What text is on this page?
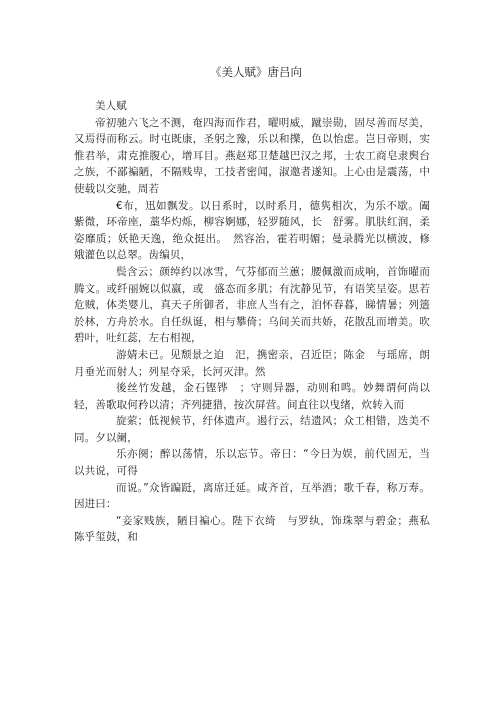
《美人赋》唐吕向

美人赋

帝初驰六飞之不测，奄四海而作君，曜明威，蹴崇勋，固尽善而尽美，又焉得而称云。时屯既康，圣躬之豫，乐以和擽，色以怡虑。岂日帝则，实惟君举，肃克推腹心，增耳目。燕赵郑卫楚越巴汉之邦，士农工商皂隶舆台之族，不鄙褊陋，不隔贱卑，工技者密闻，淑邀者遂知。上心由是震荡，中使载以交驰，周若

€布，迅如飘发。以日系时，以时系月，德隽相次，为乐不歇。阖紫微，环帝座，藁华灼烁，柳容婀娜，轻罗随风，长　舒雾。肌肤红润，柔姿靡质；妖艳天逸，绝众挺出。　然容治，霍若明媚；曼录腾光以横波，修娥灌色以总翠。齿编贝，

鬓含云；颜绰约以冰雪，气芬郁而兰蕙；腰佩激而成响，首饰曜而腾文。或纤丽婉以似嬴，或　盛态而多肌；有沈静见节，有语笑呈姿。思若危贼，体类婴儿，真天子所御者，非庶人当有之，洎怀春暮，睇情暑；列簉於林，方舟於水。自任纵诞，相与攀倚；乌间关而共娇，花散乱而增美。吹碧叶，吐红蕊，左右相视，

游婧未已。见颓景之迫　汜，携密亲，召近臣；陈金　与瑶席，朗月垂光而射人；列星夺采，长河灭津。然

後丝竹发越，金石铿铧　；守则异器，动则和鸣。妙舞谓何尚以轻，善歌取何矜以清；齐列捷猎，按次屏营。间直往以曳绪，炊转入而

旋萦；低视候节，纡体遗声。遏行云，结遗风；众工相错，迭美不同。夕以阑，

乐亦阕；醉以荡情，乐以忘节。帝日：“今日为娱，前代固无，当以共说，可得

而说。”众皆蹁跹，离席迁延。咸齐首，互举酒；歌千春，称万寿。因进曰：

“妾家贱族，陋目褊心。陛下衣绮　与罗纨，饰珠翠与碧金；燕私陈乎玺鼓，和
